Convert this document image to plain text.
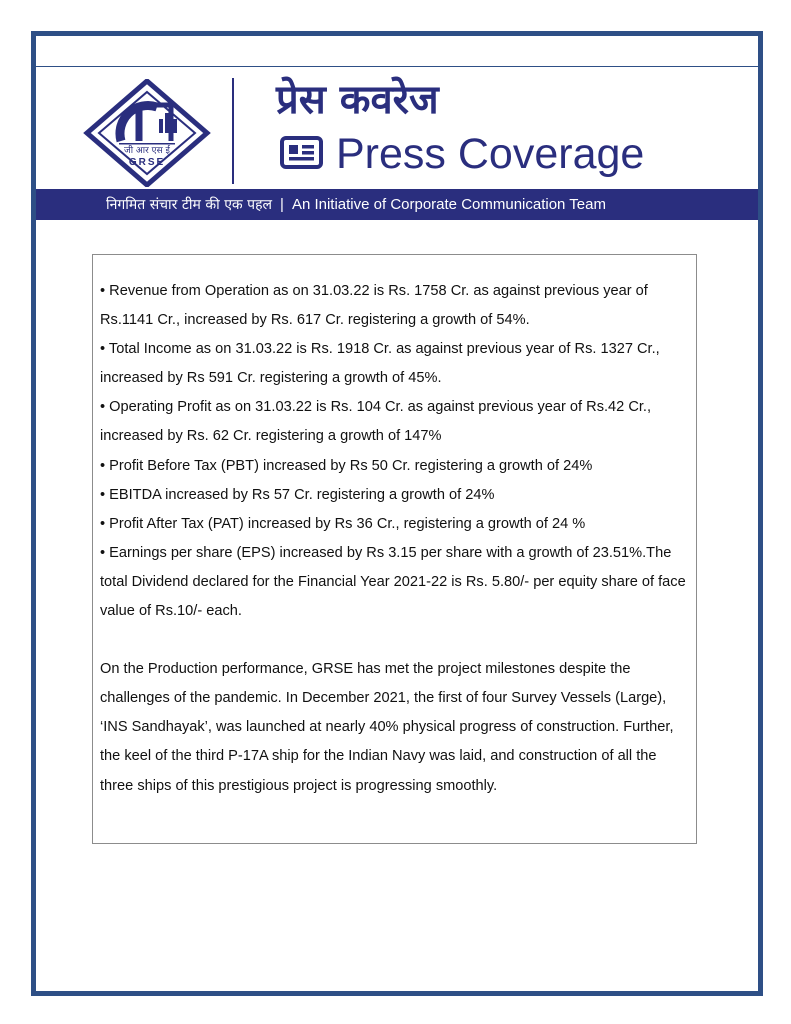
जी आर एस ई
GRSE
प्रेस कवरेज
Press Coverage
निगमित संचार टीम की एक पहल | An Initiative of Corporate Communication Team

• Revenue from Operation as on 31.03.22 is Rs. 1758 Cr. as against previous year of Rs.1141 Cr., increased by Rs. 617 Cr. registering a growth of 54%.

• Total Income as on 31.03.22 is Rs. 1918 Cr. as against previous year of Rs. 1327 Cr., increased by Rs 591 Cr. registering a growth of 45%.

• Operating Profit as on 31.03.22 is Rs. 104 Cr. as against previous year of Rs.42 Cr., increased by Rs. 62 Cr. registering a growth of 147%

• Profit Before Tax (PBT) increased by Rs 50 Cr. registering a growth of 24%

• EBITDA increased by Rs 57 Cr. registering a growth of 24%

• Profit After Tax (PAT) increased by Rs 36 Cr., registering a growth of 24 %

• Earnings per share (EPS) increased by Rs 3.15 per share with a growth of 23.51%.The total Dividend declared for the Financial Year 2021-22 is Rs. 5.80/- per equity share of face value of Rs.10/- each.

On the Production performance, GRSE has met the project milestones despite the challenges of the pandemic. In December 2021, the first of four Survey Vessels (Large), ‘INS Sandhayak’, was launched at nearly 40% physical progress of construction. Further, the keel of the third P-17A ship for the Indian Navy was laid, and construction of all the three ships of this prestigious project is progressing smoothly.
